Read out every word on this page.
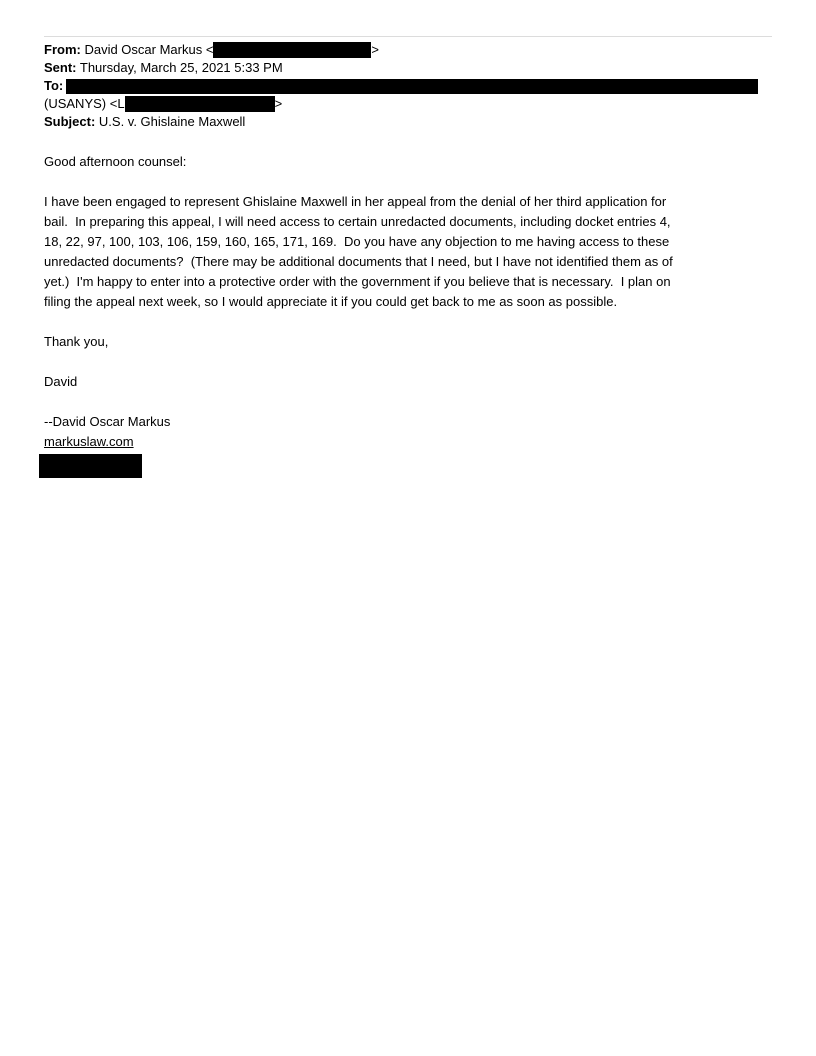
From: David Oscar Markus <	>
Sent: Thursday, March 25, 2021 5:33 PM
To:
(USANYS) <L	>
Subject: U.S. v. Ghislaine Maxwell
Good afternoon counsel:
I have been engaged to represent Ghislaine Maxwell in her appeal from the denial of her third application for
bail.  In preparing this appeal, I will need access to certain unredacted documents, including docket entries 4,
18, 22, 97, 100, 103, 106, 159, 160, 165, 171, 169.  Do you have any objection to me having access to these
unredacted documents?  (There may be additional documents that I need, but I have not identified them as of
yet.)  I'm happy to enter into a protective order with the government if you believe that is necessary.  I plan on
filing the appeal next week, so I would appreciate it if you could get back to me as soon as possible.
Thank you,
David
--David Oscar Markus
markuslaw.com
